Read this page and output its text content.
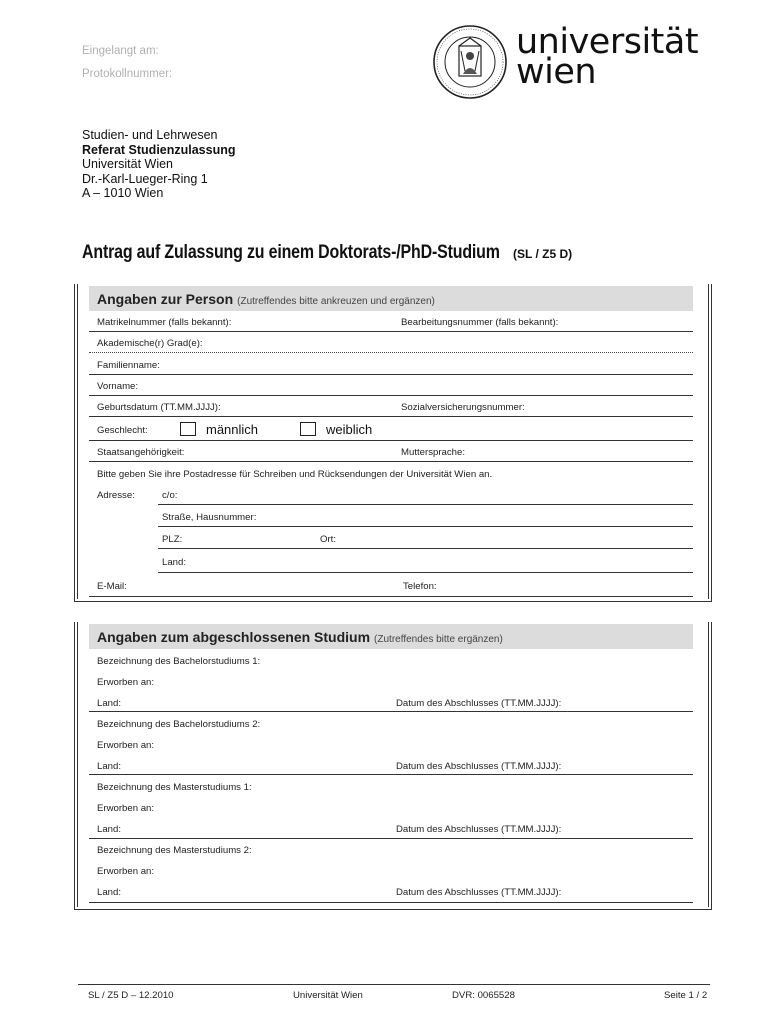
Eingelangt am:
Protokollnummer:
universität
wien
Studien- und Lehrwesen
Referat Studienzulassung
Universität Wien
Dr.-Karl-Lueger-Ring 1
A – 1010 Wien
Antrag auf Zulassung zu einem Doktorats-/PhD-Studium (SL / Z5 D)
Angaben zur Person (Zutreffendes bitte ankreuzen und ergänzen)
Matrikelnummer (falls bekannt):	Bearbeitungsnummer (falls bekannt):
Akademische(r) Grad(e):
Familienname:
Vorname:
Geburtsdatum (TT.MM.JJJJ):	Sozialversicherungsnummer:
Geschlecht:	männlich	weiblich
Staatsangehörigkeit:	Muttersprache:
Bitte geben Sie ihre Postadresse für Schreiben und Rücksendungen der Universität Wien an.
Adresse:	c/o:
Straße, Hausnummer:
PLZ:	Ort:
Land:
E-Mail:	Telefon:
Angaben zum abgeschlossenen Studium (Zutreffendes bitte ergänzen)
Bezeichnung des Bachelorstudiums 1:
Erworben an:
Land:	Datum des Abschlusses (TT.MM.JJJJ):
Bezeichnung des Bachelorstudiums 2:
Erworben an:
Land:	Datum des Abschlusses (TT.MM.JJJJ):
Bezeichnung des Masterstudiums 1:
Erworben an:
Land:	Datum des Abschlusses (TT.MM.JJJJ):
Bezeichnung des Masterstudiums 2:
Erworben an:
Land:	Datum des Abschlusses (TT.MM.JJJJ):
SL / Z5 D – 12.2010	Universität Wien	DVR: 0065528	Seite 1 / 2
